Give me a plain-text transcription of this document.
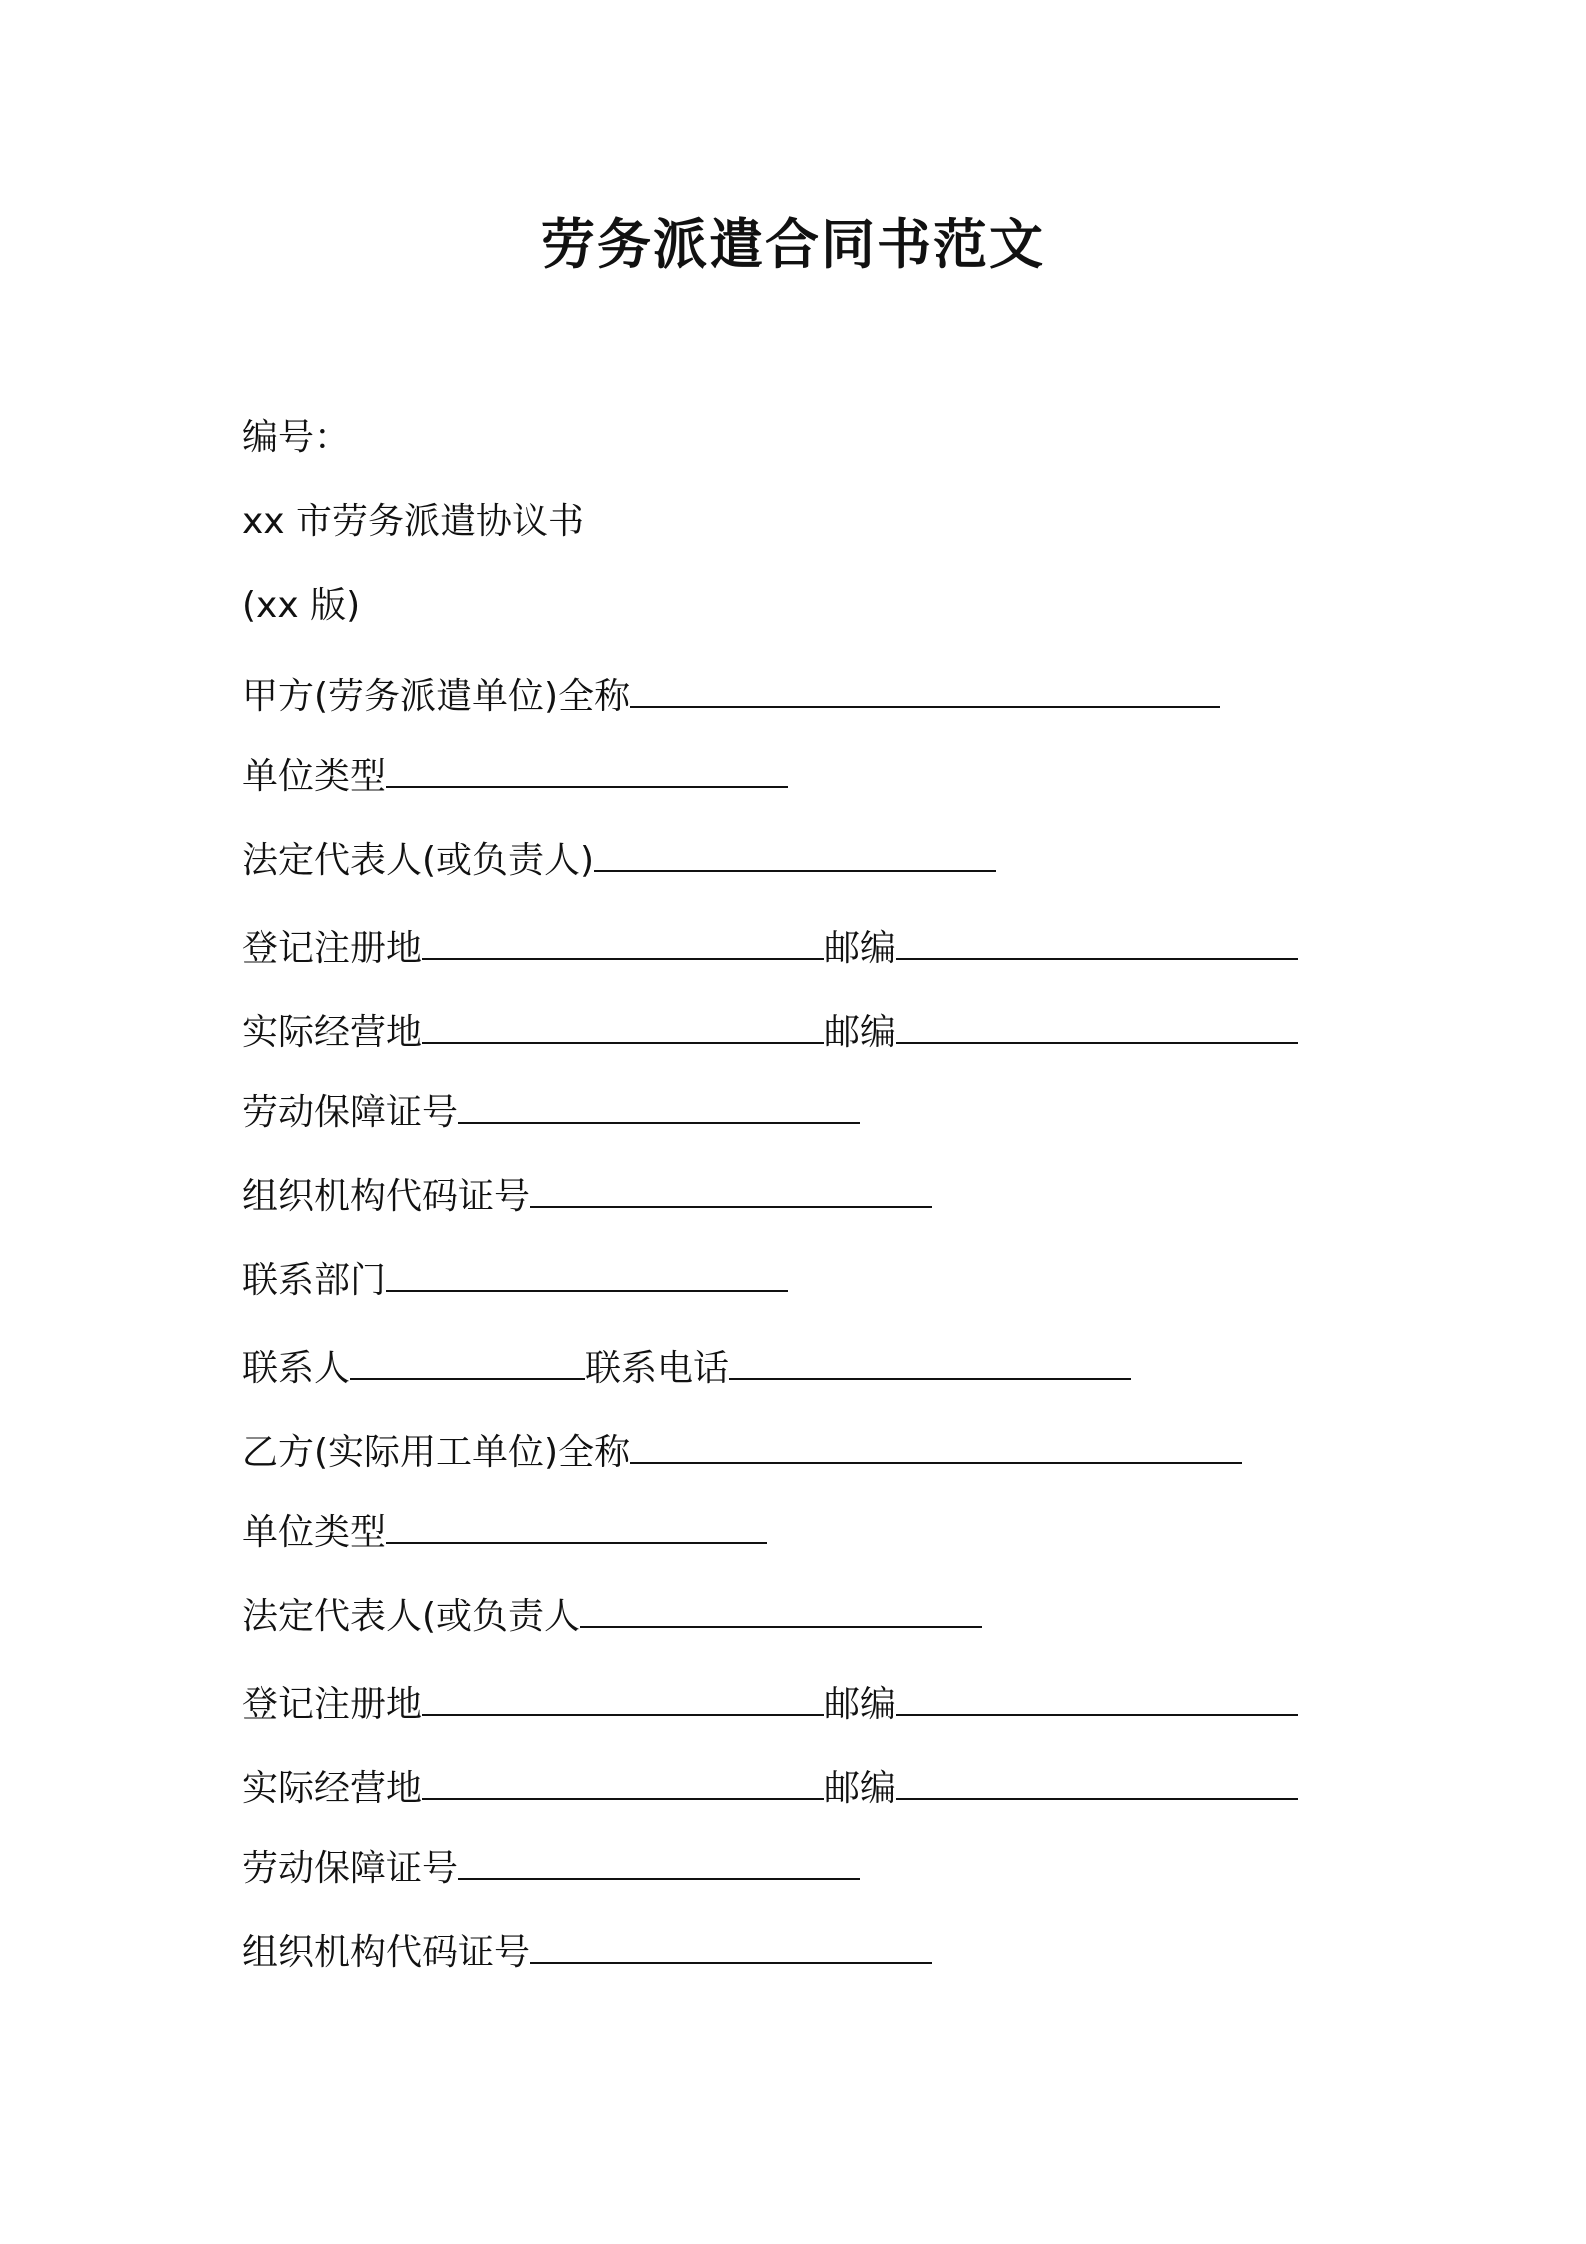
劳务派遣合同书范文
编号：
xx 市劳务派遣协议书
(xx 版)
甲方(劳务派遣单位)全称
单位类型
法定代表人(或负责人)
登记注册地	邮编
实际经营地	邮编
劳动保障证号
组织机构代码证号
联系部门
联系人	联系电话
乙方(实际用工单位)全称
单位类型
法定代表人(或负责人
登记注册地	邮编
实际经营地	邮编
劳动保障证号
组织机构代码证号
